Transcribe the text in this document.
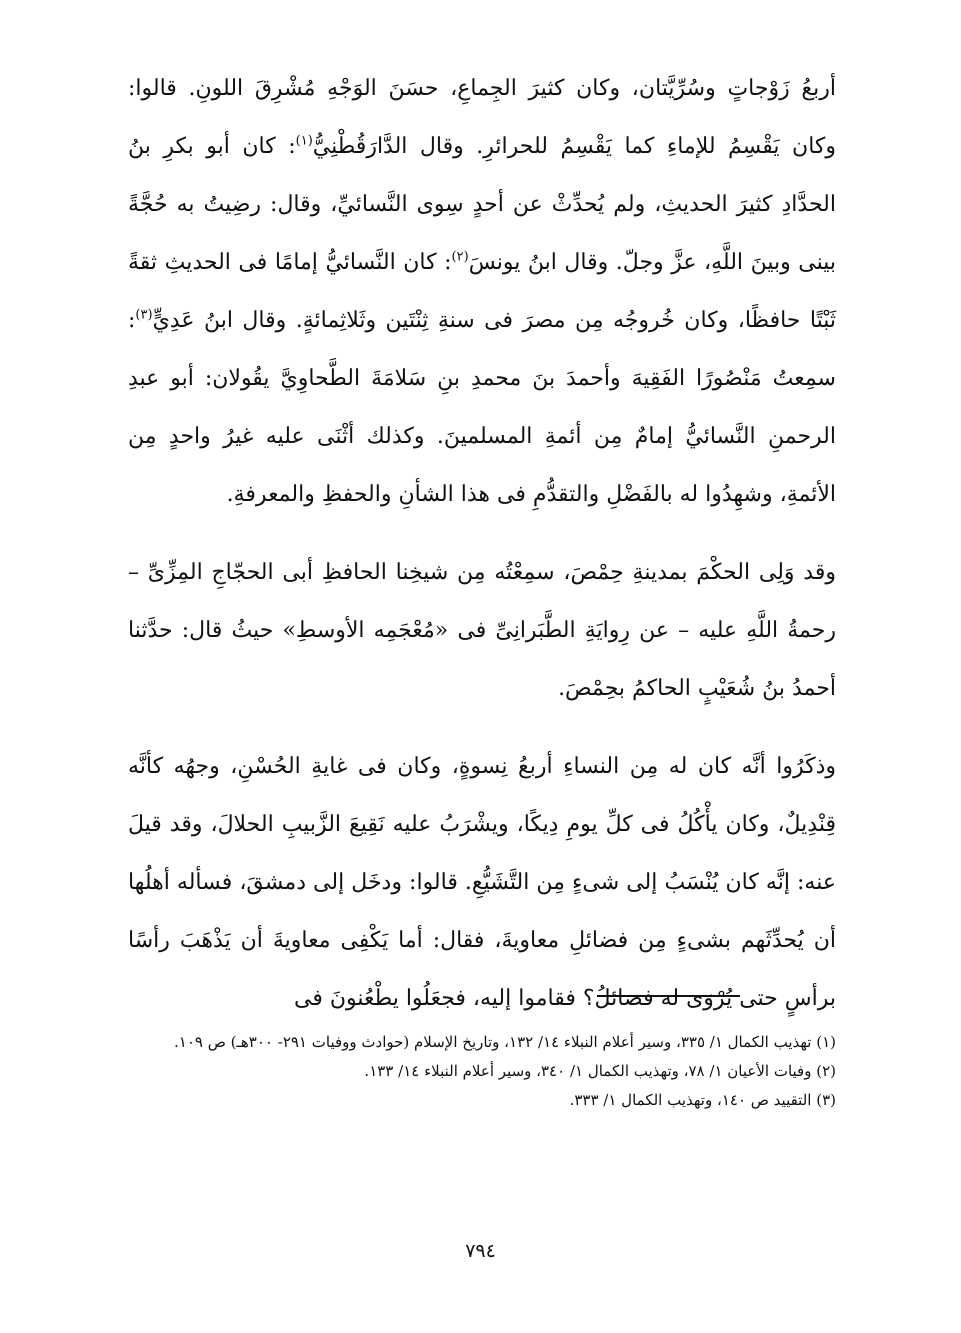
أربعُ زَوْجاتٍ وسُرِّيَّتان، وكان كثيرَ الجِماعِ، حسَنَ الوَجْهِ مُشْرِقَ اللونِ. قالوا: وكان يَقْسِمُ للإماءِ كما يَقْسِمُ للحرائرِ. وقال الدَّارَقُطْنِيُّ$^{(١)}$: كان أبو بكرِ بنُ الحدَّادِ كثيرَ الحديثِ، ولم يُحدِّثْ عن أحدٍ سِوى النَّسائيِّ، وقال: رضِيتُ به حُجَّةً بينى وبينَ اللَّهِ، عزَّ وجلّ. وقال ابنُ يونسَ$^{(٢)}$: كان النَّسائيُّ إمامًا فى الحديثِ ثقةً ثَبْتًا حافظًا، وكان خُروجُه مِن مصرَ فى سنةِ ثِنْتَين وثَلاثِمائةٍ. وقال ابنُ عَدِيٍّ$^{(٣)}$: سمِعتُ مَنْصُورًا الفَقِيهَ وأحمدَ بنَ محمدِ بنِ سَلامَةَ الطَّحاوِيَّ يقُولان: أبو عبدِ الرحمنِ النَّسائيُّ إمامٌ مِن أئمةِ المسلمينَ. وكذلك أثْنَى عليه غيرُ واحدٍ مِن الأئمةِ، وشهِدُوا له بالفَضْلِ والتقدُّمِ فى هذا الشأنِ والحفظِ والمعرفةِ.

وقد وَلِى الحكْمَ بمدينةِ حِمْصَ، سمِعْتُه مِن شيخِنا الحافظِ أبى الحجّاجِ المِزِّىِّ – رحمةُ اللَّهِ عليه – عن رِوايَةِ الطَّبَرانِىِّ فى «مُعْجَمِه الأوسطِ» حيثُ قال: حدَّثنا أحمدُ بنُ شُعَيْبٍ الحاكمُ بحِمْصَ.

وذكَرُوا أنَّه كان له مِن النساءِ أربعُ نِسوةٍ، وكان فى غايةِ الحُسْنِ، وجهُه كأنَّه قِنْدِيلٌ، وكان يأْكُلُ فى كلِّ يومِ دِيكًا، ويشْرَبُ عليه نَقِيعَ الزَّبيبِ الحلالَ، وقد قيلَ عنه: إنَّه كان يُنْسَبُ إلى شىءٍ مِن التَّشَيُّعِ. قالوا: ودخَل إلى دمشقَ، فسأله أهلُها أن يُحدِّثَهم بشىءٍ مِن فضائلِ معاويةَ، فقال: أما يَكْفِى معاويةَ أن يَذْهَبَ رأسًا برأسٍ حتى يُرْوَى له فضائلُ؟ فقاموا إليه، فجعَلُوا يطْعُنونَ فى

(١) تهذيب الكمال ١/ ٣٣٥، وسير أعلام النبلاء ١٤/ ١٣٢، وتاريخ الإسلام (حوادث ووفيات ٢٩١- ٣٠٠هـ) ص ١٠٩.

(٢) وفيات الأعيان ١/ ٧٨، وتهذيب الكمال ١/ ٣٤٠، وسير أعلام النبلاء ١٤/ ١٣٣.

(٣) التقييد ص ١٤٠، وتهذيب الكمال ١/ ٣٣٣.

٧٩٤
